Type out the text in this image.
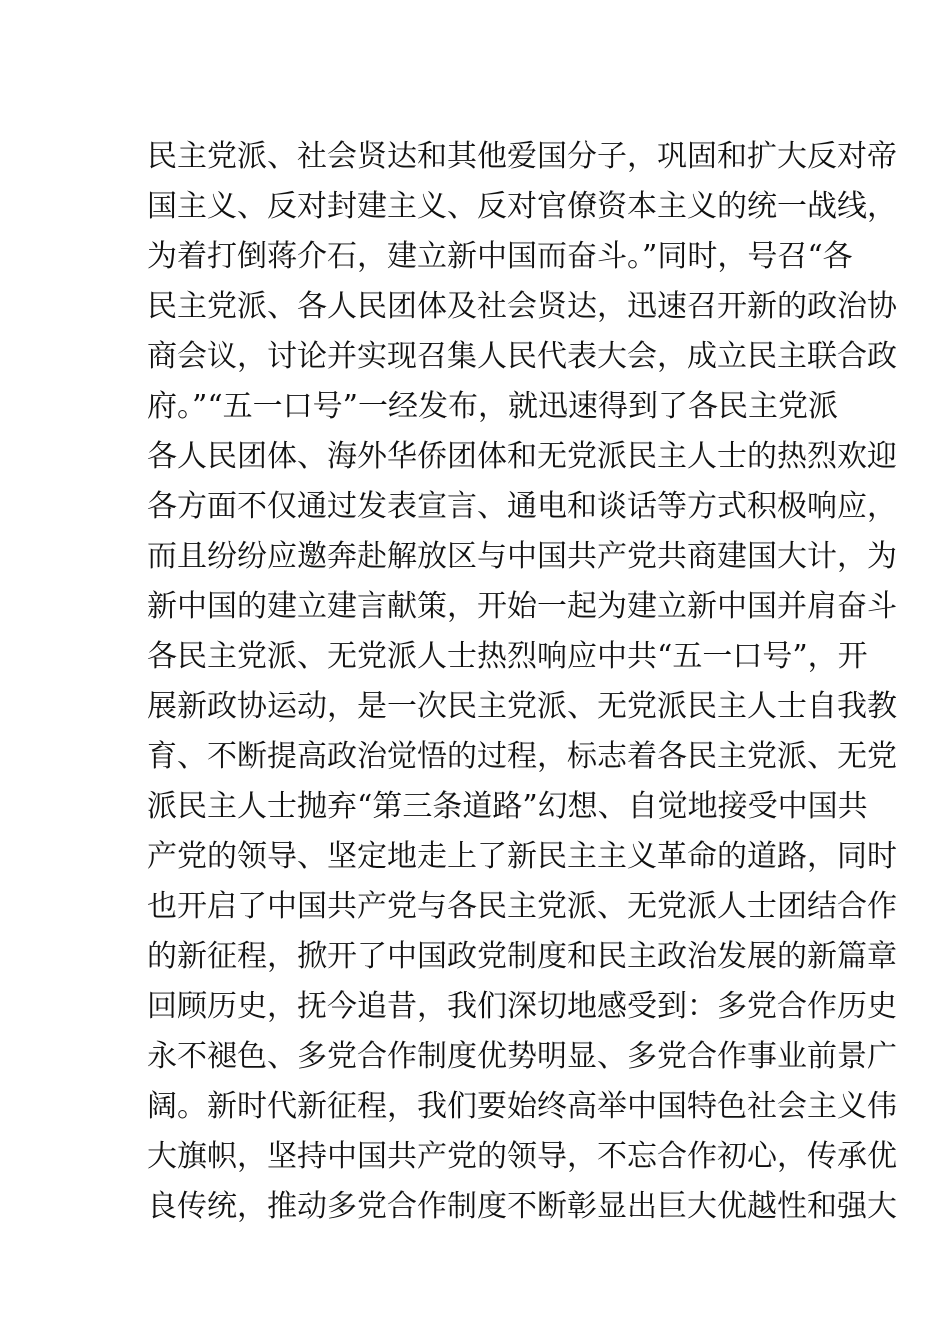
民主党派、社会贤达和其他爱国分子，巩固和扩大反对帝
国主义、反对封建主义、反对官僚资本主义的统一战线，
为着打倒蒋介石，建立新中国而奋斗。”同时，号召“各
民主党派、各人民团体及社会贤达，迅速召开新的政治协
商会议，讨论并实现召集人民代表大会，成立民主联合政
府。”“五一口号”一经发布，就迅速得到了各民主党派
各人民团体、海外华侨团体和无党派民主人士的热烈欢迎
各方面不仅通过发表宣言、通电和谈话等方式积极响应，
而且纷纷应邀奔赴解放区与中国共产党共商建国大计，为
新中国的建立建言献策，开始一起为建立新中国并肩奋斗
各民主党派、无党派人士热烈响应中共“五一口号”，开
展新政协运动，是一次民主党派、无党派民主人士自我教
育、不断提高政治觉悟的过程，标志着各民主党派、无党
派民主人士抛弃“第三条道路”幻想、自觉地接受中国共
产党的领导、坚定地走上了新民主主义革命的道路，同时
也开启了中国共产党与各民主党派、无党派人士团结合作
的新征程，掀开了中国政党制度和民主政治发展的新篇章
回顾历史，抚今追昔，我们深切地感受到：多党合作历史
永不褪色、多党合作制度优势明显、多党合作事业前景广
阔。新时代新征程，我们要始终高举中国特色社会主义伟
大旗帜，坚持中国共产党的领导，不忘合作初心，传承优
良传统，推动多党合作制度不断彰显出巨大优越性和强大
